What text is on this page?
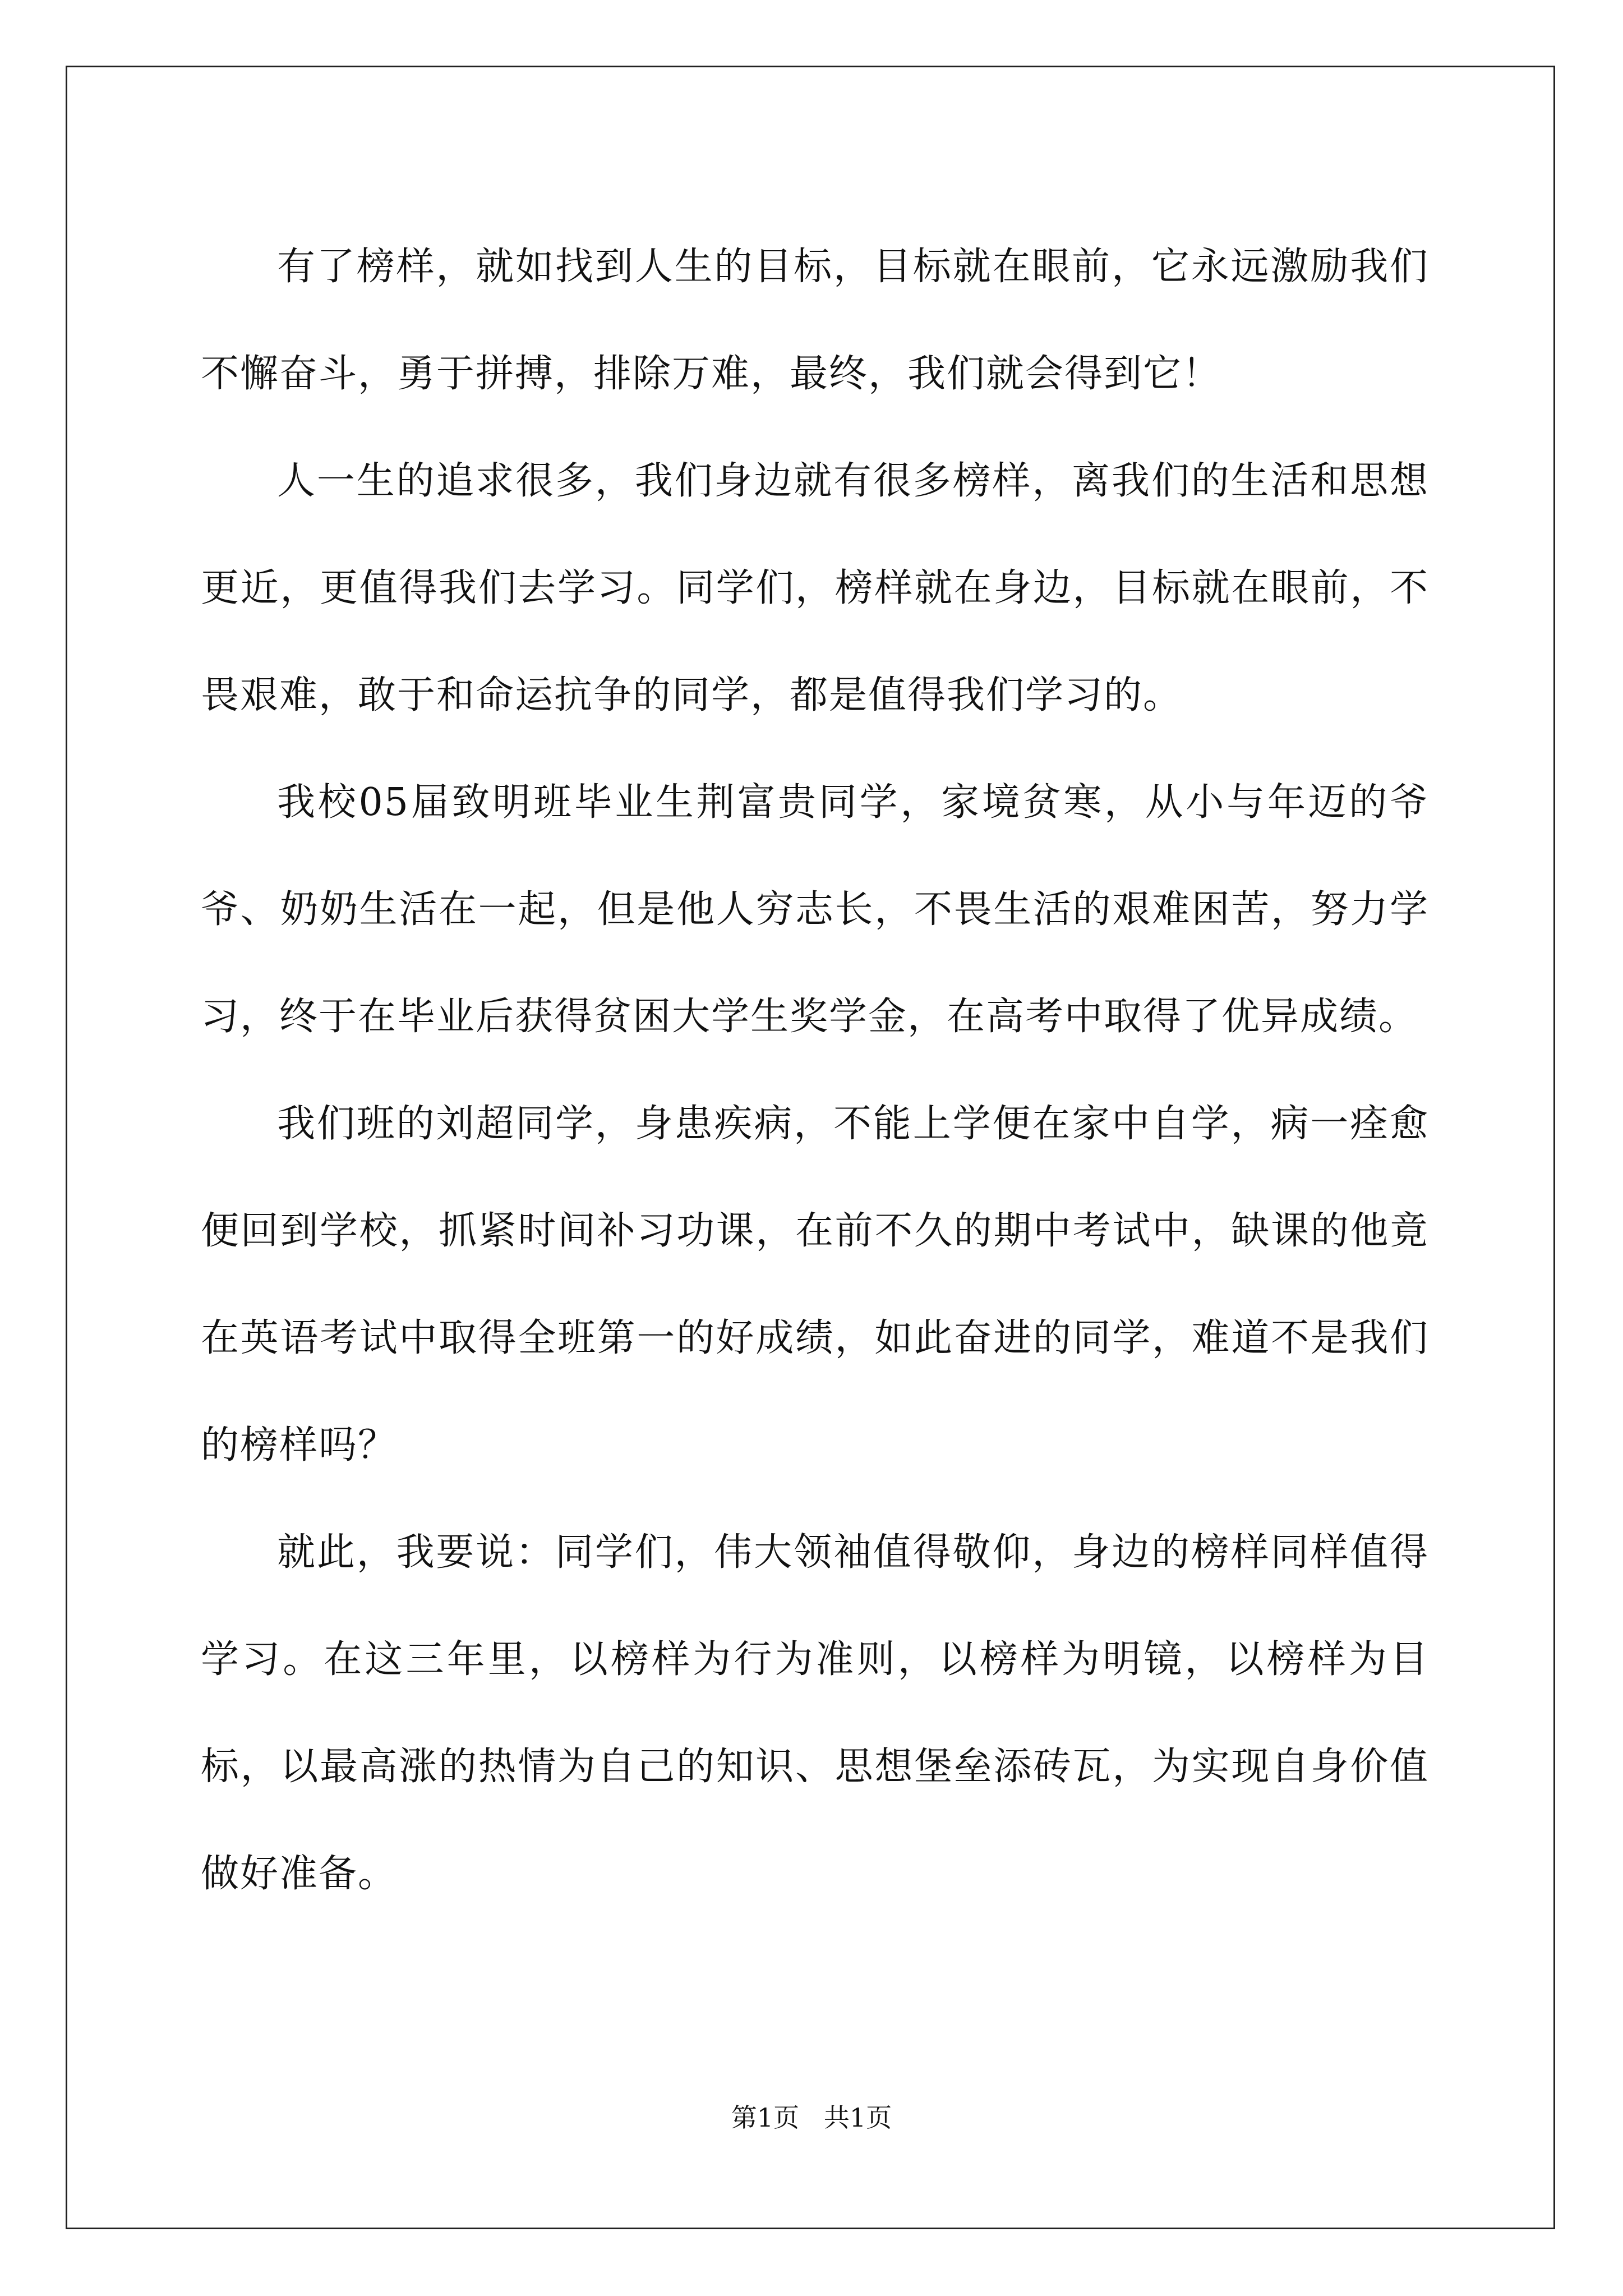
有了榜样，就如找到人生的目标，目标就在眼前，它永远激励我们不懈奋斗，勇于拼搏，排除万难，最终，我们就会得到它！

人一生的追求很多，我们身边就有很多榜样，离我们的生活和思想更近，更值得我们去学习。同学们，榜样就在身边，目标就在眼前，不畏艰难，敢于和命运抗争的同学，都是值得我们学习的。

我校05届致明班毕业生荆富贵同学，家境贫寒，从小与年迈的爷爷、奶奶生活在一起，但是他人穷志长，不畏生活的艰难困苦，努力学习，终于在毕业后获得贫困大学生奖学金，在高考中取得了优异成绩。

我们班的刘超同学，身患疾病，不能上学便在家中自学，病一痊愈便回到学校，抓紧时间补习功课，在前不久的期中考试中，缺课的他竟在英语考试中取得全班第一的好成绩，如此奋进的同学，难道不是我们的榜样吗？

就此，我要说：同学们，伟大领袖值得敬仰，身边的榜样同样值得学习。在这三年里，以榜样为行为准则，以榜样为明镜，以榜样为目标，以最高涨的热情为自己的知识、思想堡垒添砖瓦，为实现自身价值做好准备。

第1页   共1页
